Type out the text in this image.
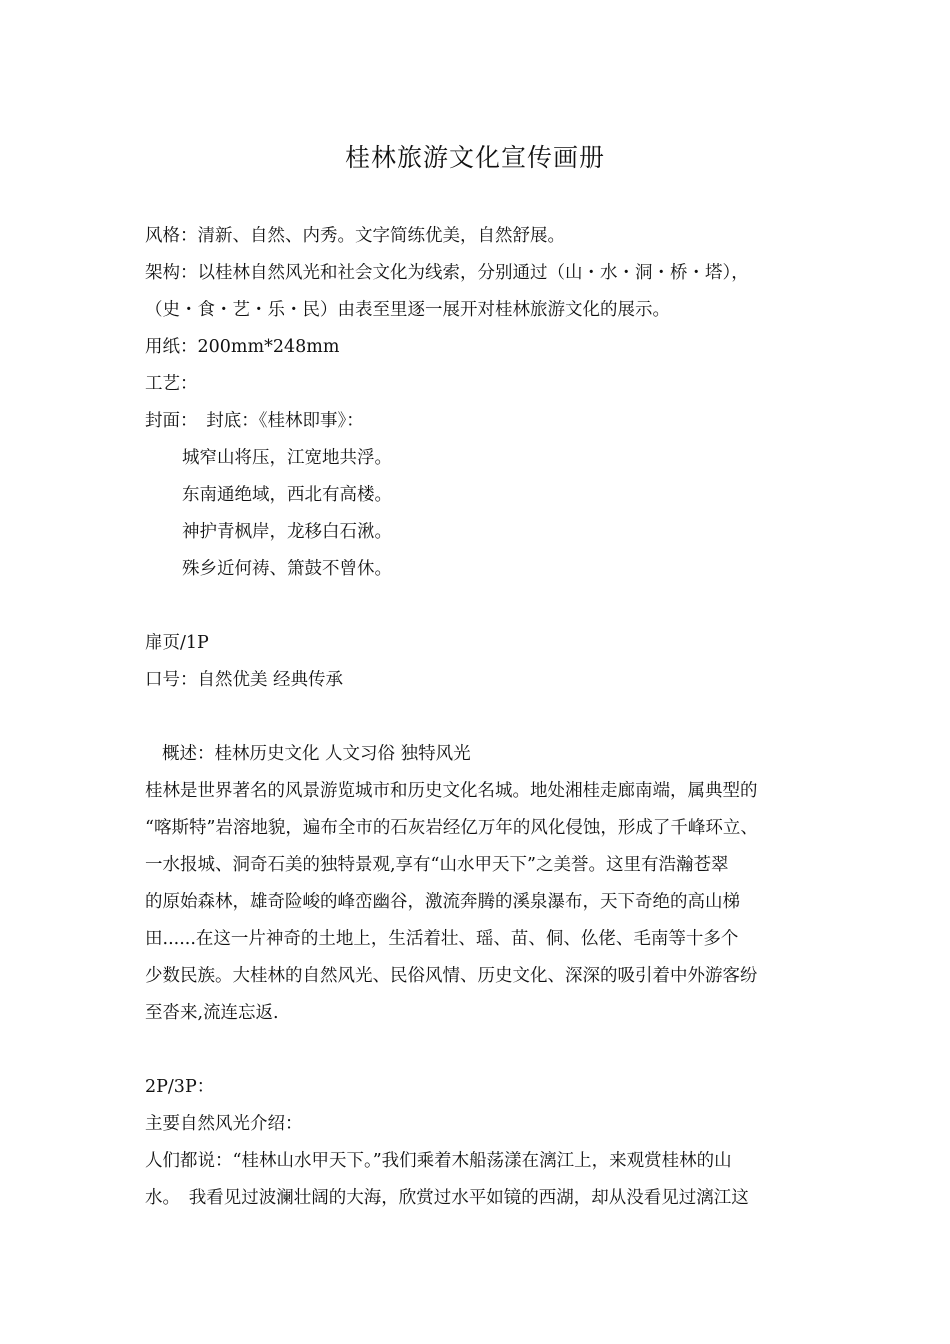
桂林旅游文化宣传画册
风格：清新、自然、内秀。文字简练优美，自然舒展。
架构：以桂林自然风光和社会文化为线索，分别通过（山・水・洞・桥・塔），
（史・食・艺・乐・民）由表至里逐一展开对桂林旅游文化的展示。
用纸：200mm*248mm
工艺：
封面：　封底：《桂林即事》：
城窄山将压，江宽地共浮。
东南通绝域，西北有高楼。
神护青枫岸，龙移白石湫。
殊乡近何祷、箫鼓不曾休。
扉页/1P
口号：自然优美 经典传承
概述：桂林历史文化 人文习俗 独特风光
桂林是世界著名的风景游览城市和历史文化名城。地处湘桂走廊南端，属典型的
“喀斯特”岩溶地貌，遍布全市的石灰岩经亿万年的风化侵蚀，形成了千峰环立、
一水报城、洞奇石美的独特景观,享有“山水甲天下”之美誉。这里有浩瀚苍翠
的原始森林，雄奇险峻的峰峦幽谷，激流奔腾的溪泉瀑布，天下奇绝的高山梯
田......在这一片神奇的土地上，生活着壮、瑶、苗、侗、仫佬、毛南等十多个
少数民族。大桂林的自然风光、民俗风情、历史文化、深深的吸引着中外游客纷
至沓来,流连忘返.
2P/3P：
主要自然风光介绍：
人们都说：“桂林山水甲天下。”我们乘着木船荡漾在漓江上，来观赏桂林的山
水。　我看见过波澜壮阔的大海，欣赏过水平如镜的西湖，却从没看见过漓江这
